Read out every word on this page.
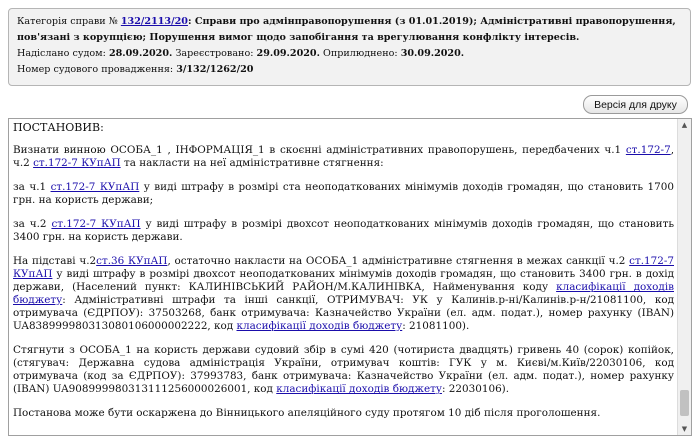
Категорія справи № 132/2113/20: Справи про адмінправопорушення (з 01.01.2019); Адміністративні правопорушення, пов'язані з корупцією; Порушення вимог щодо запобігання та врегулювання конфлікту інтересів.
Надіслано судом: 28.09.2020. Зареєстровано: 29.09.2020. Оприлюднено: 30.09.2020.
Номер судового провадження: 3/132/1262/20
Версія для друку

ПОСТАНОВИВ:

Визнати винною ОСОБА_1 , ІНФОРМАЦІЯ_1 в скоєнні адміністративних правопорушень, передбачених ч.1 ст.172-7, ч.2 ст.172-7 КУпАП та накласти на неї адміністративне стягнення:

за ч.1 ст.172-7 КУпАП у виді штрафу в розмірі ста неоподаткованих мінімумів доходів громадян, що становить 1700 грн. на користь держави;

за ч.2 ст.172-7 КУпАП у виді штрафу в розмірі двохсот неоподаткованих мінімумів доходів громадян, що становить 3400 грн. на користь держави.

На підставі ч.2ст.36 КУпАП, остаточно накласти на ОСОБА_1 адміністративне стягнення в межах санкції ч.2 ст.172-7 КУпАП у виді штрафу в розмірі двохсот неоподаткованих мінімумів доходів громадян, що становить 3400 грн. в дохід держави, (Населений пункт: КАЛИНІВСЬКИЙ РАЙОН/М.КАЛИНІВКА, Найменування коду класифікації доходів бюджету: Адміністративні штрафи та інші санкції, ОТРИМУВАЧ: УК у Калинів.р-ні/Калинів.р-н/21081100, код отримувача (ЄДРПОУ): 37503268, банк отримувача: Казначейство України (ел. адм. подат.), номер рахунку (IBAN) UA838999980313080106000002222, код класифікації доходів бюджету: 21081100).

Стягнути з ОСОБА_1 на користь держави судовий збір в сумі 420 (чотириста двадцять) гривень 40 (сорок) копійок, (стягувач: Державна судова адміністрація України, отримувач коштів: ГУК у м. Києві/м.Київ/22030106, код отримувача (код за ЄДРПОУ): 37993783, банк отримувача: Казначейство України (ел. адм. подат.), номер рахунку (IBAN) UA908999980313111256000026001, код класифікації доходів бюджету: 22030106).

Постанова може бути оскаржена до Вінницького апеляційного суду протягом 10 діб після проголошення.

▲
▼
